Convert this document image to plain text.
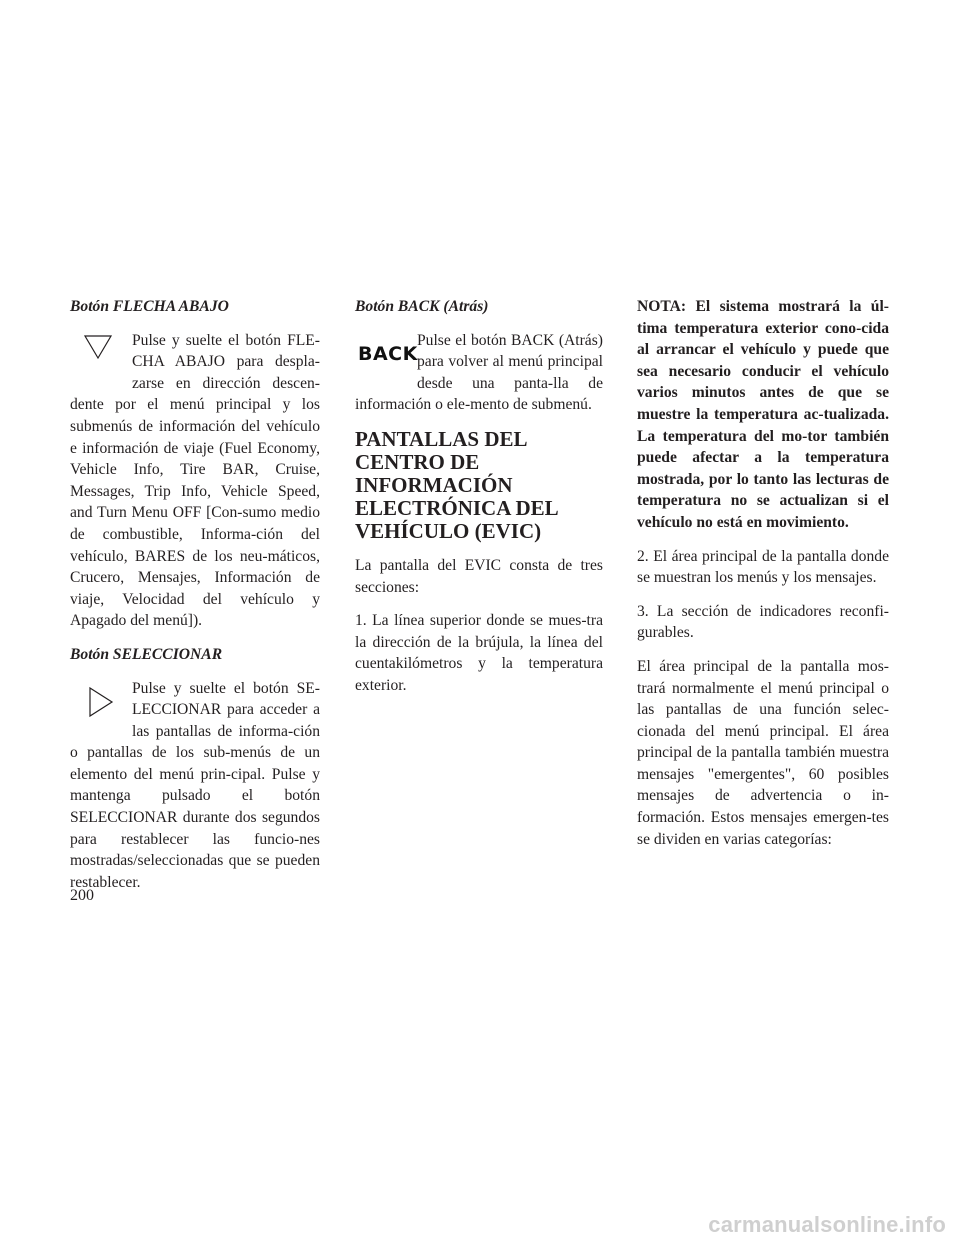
Botón FLECHA ABAJO

Pulse y suelte el botón FLE-CHA ABAJO para despla-zarse en dirección descen-dente por el menú principal y los submenús de información del vehículo e información de viaje (Fuel Economy, Vehicle Info, Tire BAR, Cruise, Messages, Trip Info, Vehicle Speed, and Turn Menu OFF [Con-sumo medio de combustible, Informa-ción del vehículo, BARES de los neu-máticos, Crucero, Mensajes, Información de viaje, Velocidad del vehículo y Apagado del menú]).

Botón SELECCIONAR

Pulse y suelte el botón SE-LECCIONAR para acceder a las pantallas de informa-ción o pantallas de los sub-menús de un elemento del menú prin-cipal. Pulse y mantenga pulsado el botón SELECCIONAR durante dos segundos para restablecer las funcio-nes mostradas/seleccionadas que se pueden restablecer.

Botón BACK (Atrás)
BACK

Pulse el botón BACK (Atrás) para volver al menú principal desde una panta-lla de información o ele-mento de submenú.

PANTALLAS DEL CENTRO DE INFORMACIÓN ELECTRÓNICA DEL VEHÍCULO (EVIC)

La pantalla del EVIC consta de tres secciones:

1. La línea superior donde se mues-tra la dirección de la brújula, la línea del cuentakilómetros y la temperatura exterior.

NOTA: El sistema mostrará la úl-tima temperatura exterior cono-cida al arrancar el vehículo y puede que sea necesario conducir el vehículo varios minutos antes de que se muestre la temperatura ac-tualizada. La temperatura del mo-tor también puede afectar a la temperatura mostrada, por lo tanto las lecturas de temperatura no se actualizan si el vehículo no está en movimiento.

2. El área principal de la pantalla donde se muestran los menús y los mensajes.

3. La sección de indicadores reconfi-gurables.

El área principal de la pantalla mos-trará normalmente el menú principal o las pantallas de una función selec-cionada del menú principal. El área principal de la pantalla también muestra mensajes "emergentes", 60 posibles mensajes de advertencia o in-formación. Estos mensajes emergen-tes se dividen en varias categorías:

200
carmanualsonline.info
